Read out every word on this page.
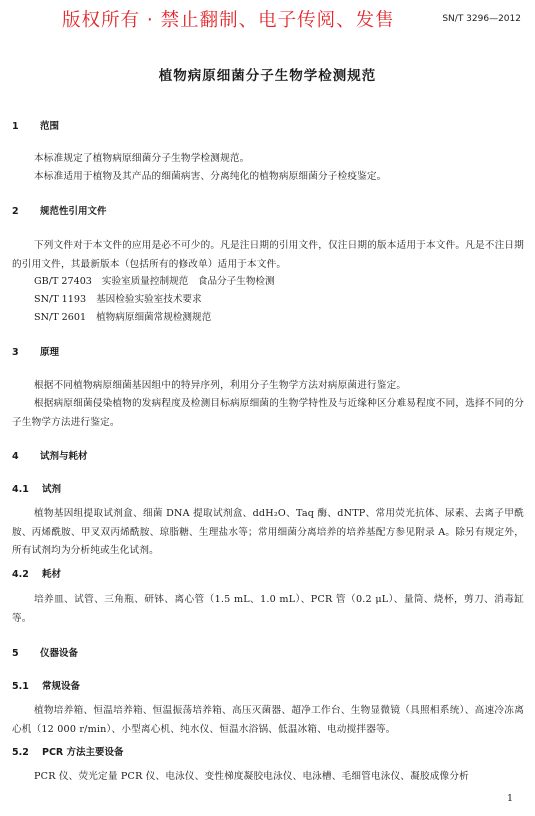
版权所有 · 禁止翻制、电子传阅、发售	SN/T 3296—2012
植物病原细菌分子生物学检测规范
1 范围
本标准规定了植物病原细菌分子生物学检测规范。
本标准适用于植物及其产品的细菌病害、分离纯化的植物病原细菌分子检疫鉴定。
2 规范性引用文件
下列文件对于本文件的应用是必不可少的。凡是注日期的引用文件，仅注日期的版本适用于本文件。凡是不注日期的引用文件，其最新版本（包括所有的修改单）适用于本文件。
GB/T 27403 实验室质量控制规范　食品分子生物检测
SN/T 1193 基因检验实验室技术要求
SN/T 2601 植物病原细菌常规检测规范
3 原理
根据不同植物病原细菌基因组中的特异序列，利用分子生物学方法对病原菌进行鉴定。
根据病原细菌侵染植物的发病程度及检测目标病原细菌的生物学特性及与近缘种区分难易程度不同，选择不同的分子生物学方法进行鉴定。
4 试剂与耗材
4.1 试剂
植物基因组提取试剂盒、细菌 DNA 提取试剂盒、ddH₂O、Taq 酶、dNTP、常用荧光抗体、尿素、去离子甲酰胺、丙烯酰胺、甲叉双丙烯酰胺、琼脂糖、生理盐水等；常用细菌分离培养的培养基配方参见附录 A。除另有规定外，所有试剂均为分析纯或生化试剂。
4.2 耗材
培养皿、试管、三角瓶、研钵、离心管（1.5 mL、1.0 mL）、PCR 管（0.2 μL）、量筒、烧杯，剪刀、消毒缸等。
5 仪器设备
5.1 常规设备
植物培养箱、恒温培养箱、恒温振荡培养箱、高压灭菌器、超净工作台、生物显微镜（具照相系统）、高速冷冻离心机（12 000 r/min）、小型离心机、纯水仪、恒温水浴锅、低温冰箱、电动搅拌器等。
5.2 PCR 方法主要设备
PCR 仪、荧光定量 PCR 仪、电泳仪、变性梯度凝胶电泳仪、电泳槽、毛细管电泳仪、凝胶成像分析
1
